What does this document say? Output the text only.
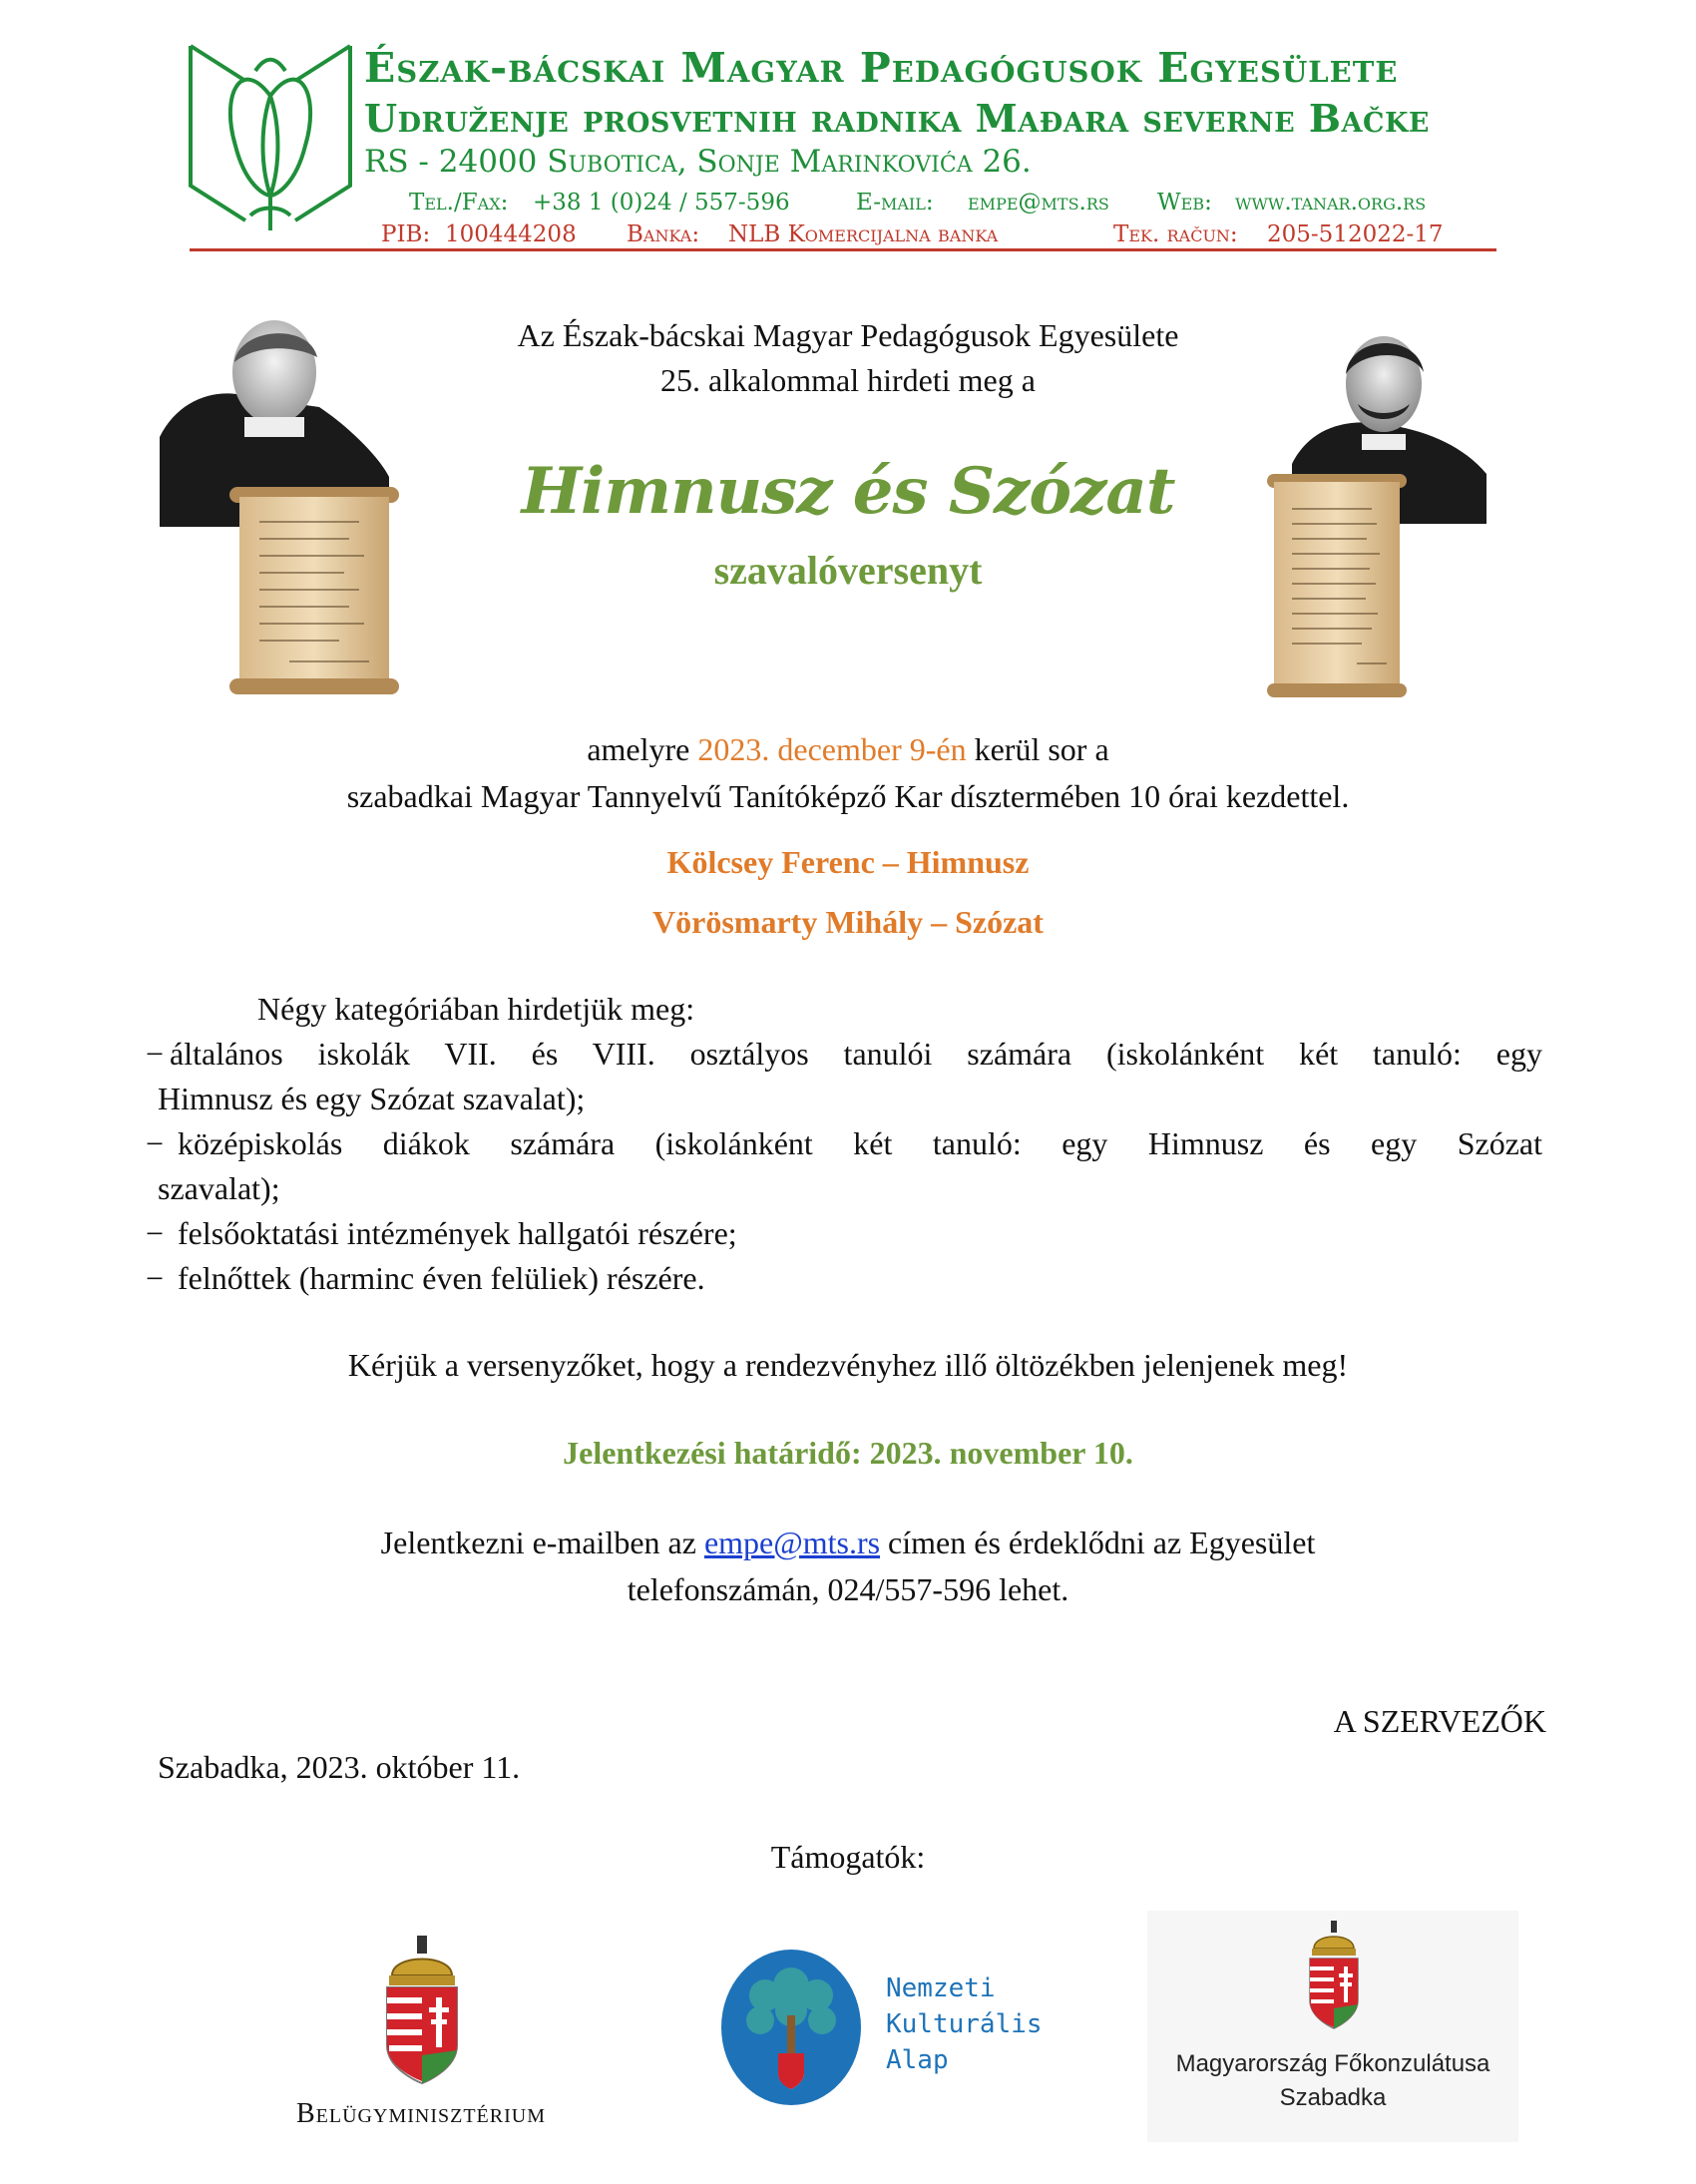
Észak-bácskai Magyar Pedagógusok Egyesülete
Udruženje prosvetnih radnika Mađara severne Bačke
RS - 24000 Subotica, Sonje Marinkovića 26.
Tel./Fax: +38 1 (0)24 / 557-596	E-mail: empe@mts.rs Web: www.tanar.org.rs
PIB: 100444208 Banka: NLB Komercijalna banka	Tek. račun: 205-512022-17
Az Észak-bácskai Magyar Pedagógusok Egyesülete
25. alkalommal hirdeti meg a
Himnusz és Szózat
szavalóversenyt
amelyre 2023. december 9-én kerül sor a
szabadkai Magyar Tannyelvű Tanítóképző Kar dísztermében 10 órai kezdettel.
Kölcsey Ferenc – Himnusz
Vörösmarty Mihály – Szózat
Négy kategóriában hirdetjük meg:
− általános iskolák VII. és VIII. osztályos tanulói számára (iskolánként két tanuló: egy
Himnusz és egy Szózat szavalat);
− középiskolás diákok számára (iskolánként két tanuló: egy Himnusz és egy Szózat
szavalat);
− felsőoktatási intézmények hallgatói részére;
− felnőttek (harminc éven felüliek) részére.
Kérjük a versenyzőket, hogy a rendezvényhez illő öltözékben jelenjenek meg!
Jelentkezési határidő: 2023. november 10.
Jelentkezni e-mailben az empe@mts.rs címen és érdeklődni az Egyesület
telefonszámán, 024/557-596 lehet.
A SZERVEZŐK
Szabadka, 2023. október 11.
Támogatók:
Belügyminisztérium
Nemzeti
Kulturális
Alap	Magyarország Főkonzulátusa
Szabadka
